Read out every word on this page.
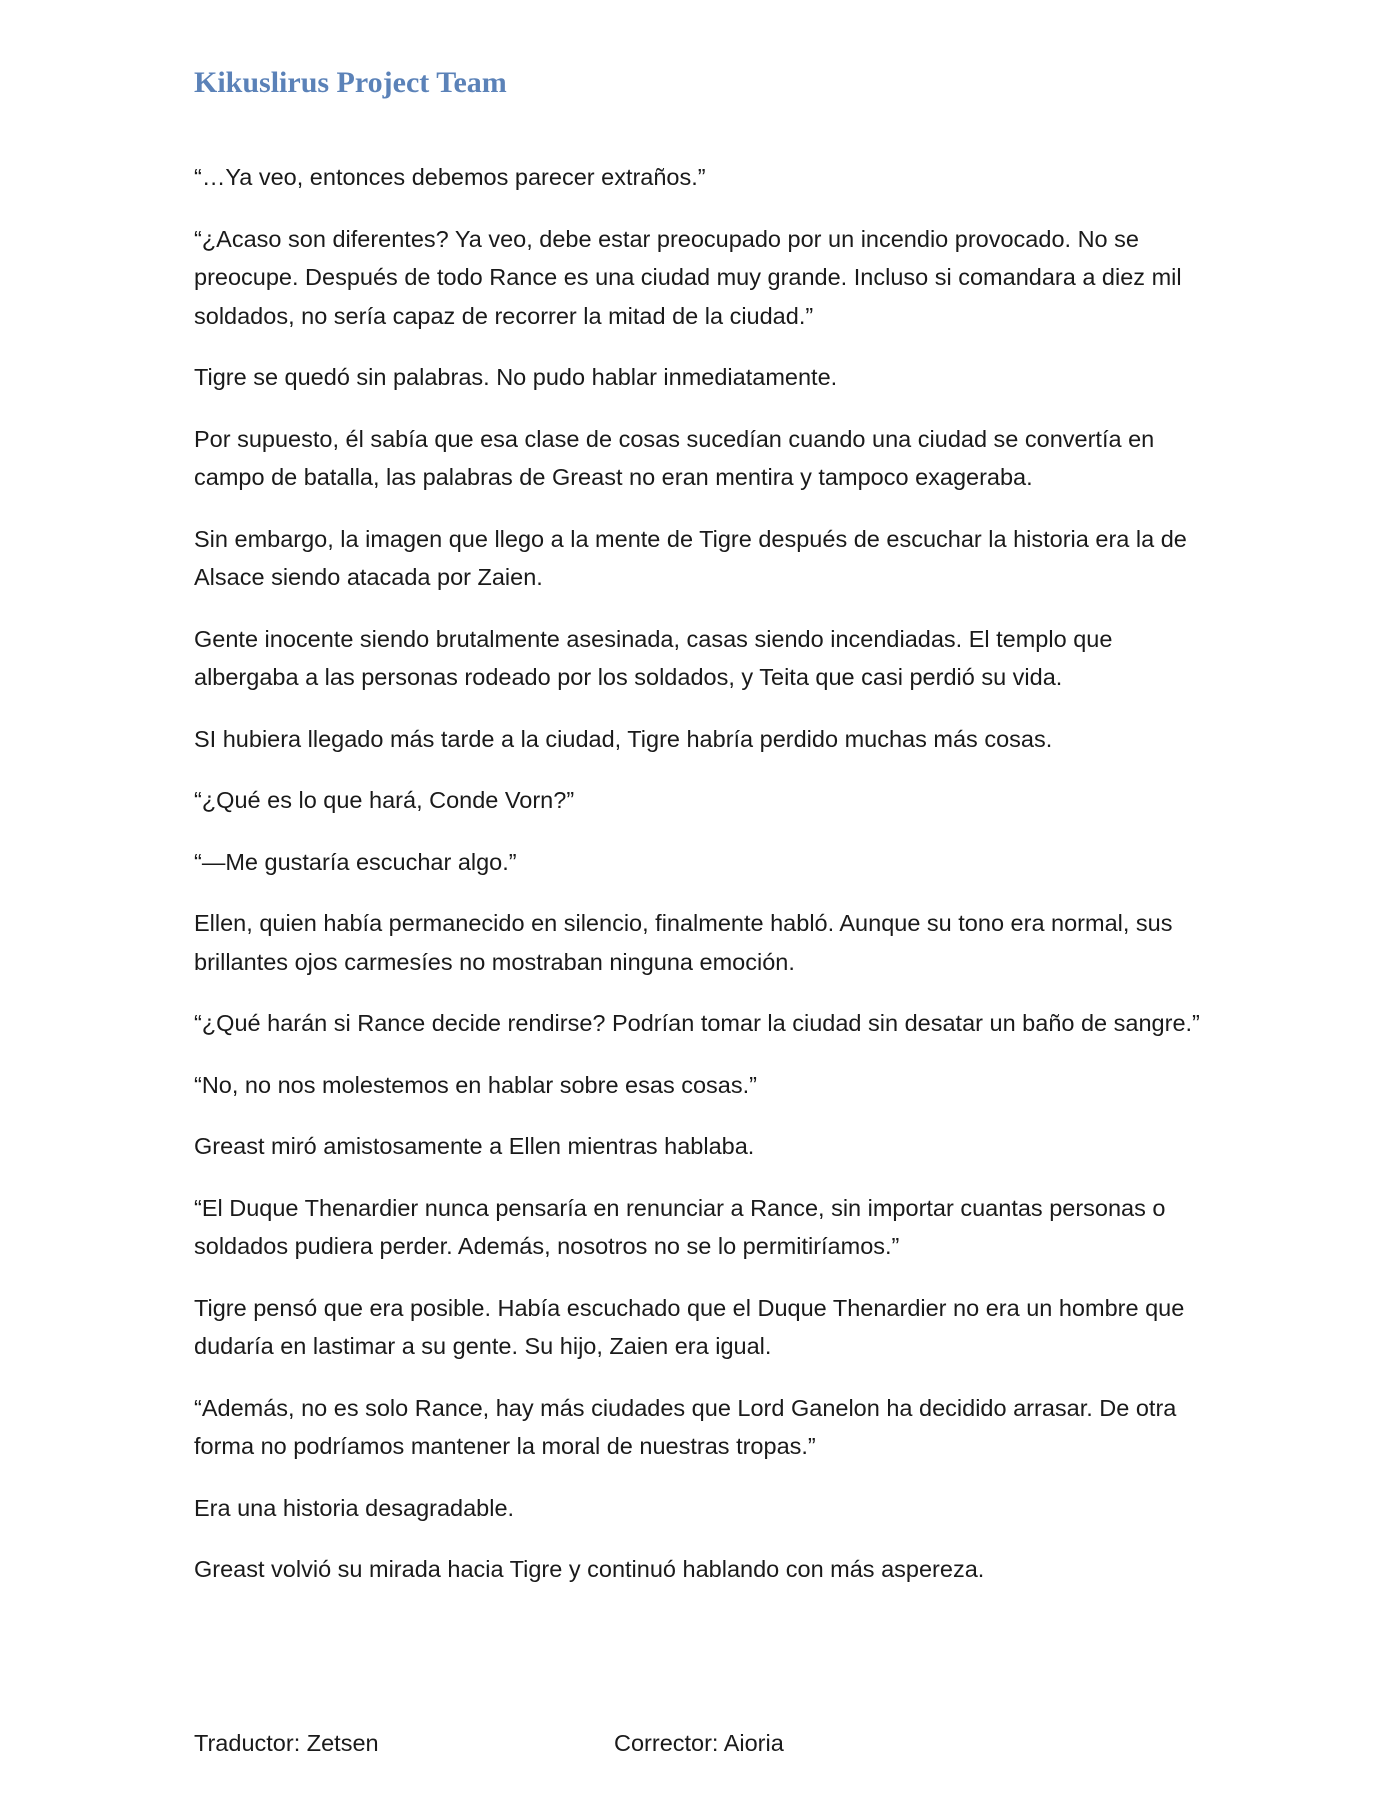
Kikuslirus Project Team

“…Ya veo, entonces debemos parecer extraños.”

“¿Acaso son diferentes? Ya veo, debe estar preocupado por un incendio provocado. No se preocupe. Después de todo Rance es una ciudad muy grande. Incluso si comandara a diez mil soldados, no sería capaz de recorrer la mitad de la ciudad.”

Tigre se quedó sin palabras. No pudo hablar inmediatamente.

Por supuesto, él sabía que esa clase de cosas sucedían cuando una ciudad se convertía en campo de batalla, las palabras de Greast no eran mentira y tampoco exageraba.

Sin embargo, la imagen que llego a la mente de Tigre después de escuchar la historia era la de Alsace siendo atacada por Zaien.

Gente inocente siendo brutalmente asesinada, casas siendo incendiadas. El templo que albergaba a las personas rodeado por los soldados, y Teita que casi perdió su vida.

SI hubiera llegado más tarde a la ciudad, Tigre habría perdido muchas más cosas.

“¿Qué es lo que hará, Conde Vorn?”

“—Me gustaría escuchar algo.”

Ellen, quien había permanecido en silencio, finalmente habló. Aunque su tono era normal, sus brillantes ojos carmesíes no mostraban ninguna emoción.

“¿Qué harán si Rance decide rendirse? Podrían tomar la ciudad sin desatar un baño de sangre.”

“No, no nos molestemos en hablar sobre esas cosas.”

Greast miró amistosamente a Ellen mientras hablaba.

“El Duque Thenardier nunca pensaría en renunciar a Rance, sin importar cuantas personas o soldados pudiera perder. Además, nosotros no se lo permitiríamos.”

Tigre pensó que era posible. Había escuchado que el Duque Thenardier no era un hombre que dudaría en lastimar a su gente. Su hijo, Zaien era igual.

“Además, no es solo Rance, hay más ciudades que Lord Ganelon ha decidido arrasar. De otra forma no podríamos mantener la moral de nuestras tropas.”

Era una historia desagradable.

Greast volvió su mirada hacia Tigre y continuó hablando con más aspereza.

Traductor: Zetsen	Corrector: Aioria
